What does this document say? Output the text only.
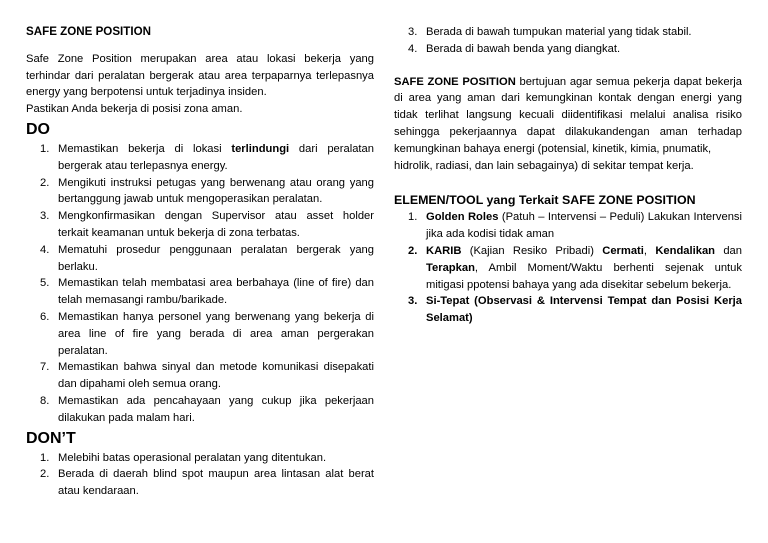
SAFE ZONE POSITION

Safe Zone Position merupakan area atau lokasi bekerja yang terhindar dari peralatan bergerak atau area terpaparnya terlepasnya energy yang berpotensi untuk terjadinya insiden.

Pastikan Anda bekerja di posisi zona aman.

DO
1. Memastikan bekerja di lokasi terlindungi dari peralatan bergerak atau terlepasnya energy.
2. Mengikuti instruksi petugas yang berwenang atau orang yang bertanggung jawab untuk mengoperasikan peralatan.
3. Mengkonfirmasikan dengan Supervisor atau asset holder terkait keamanan untuk bekerja di zona terbatas.
4. Mematuhi prosedur penggunaan peralatan bergerak yang berlaku.
5. Memastikan telah membatasi area berbahaya (line of fire) dan telah memasangi rambu/barikade.
6. Memastikan hanya personel yang berwenang yang bekerja di area line of fire yang berada di area aman pergerakan peralatan.
7. Memastikan bahwa sinyal dan metode komunikasi disepakati dan dipahami oleh semua orang.
8. Memastikan ada pencahayaan yang cukup jika pekerjaan dilakukan pada malam hari.
DON’T
1. Melebihi batas operasional peralatan yang ditentukan.
2. Berada di daerah blind spot maupun area lintasan alat berat atau kendaraan.
3. Berada di bawah tumpukan material yang tidak stabil.
4. Berada di bawah benda yang diangkat.

SAFE ZONE POSITION bertujuan agar semua pekerja dapat bekerja di area yang aman dari kemungkinan kontak dengan energi yang tidak terlihat langsung kecuali diidentifikasi melalui analisa risiko sehingga pekerjaannya dapat dilakukandengan aman terhadap kemungkinan bahaya energi (potensial, kinetik, kimia, pnumatik,

hidrolik, radiasi, dan lain sebagainya) di sekitar tempat kerja.

ELEMEN/TOOL yang Terkait SAFE ZONE POSITION
1. Golden Roles (Patuh – Intervensi – Peduli) Lakukan Intervensi jika ada kodisi tidak aman
2. KARIB (Kajian Resiko Pribadi) Cermati, Kendalikan dan Terapkan, Ambil Moment/Waktu berhenti sejenak untuk mitigasi ppotensi bahaya yang ada disekitar sebelum bekerja.
3. Si-Tepat (Observasi & Intervensi Tempat dan Posisi Kerja Selamat)
